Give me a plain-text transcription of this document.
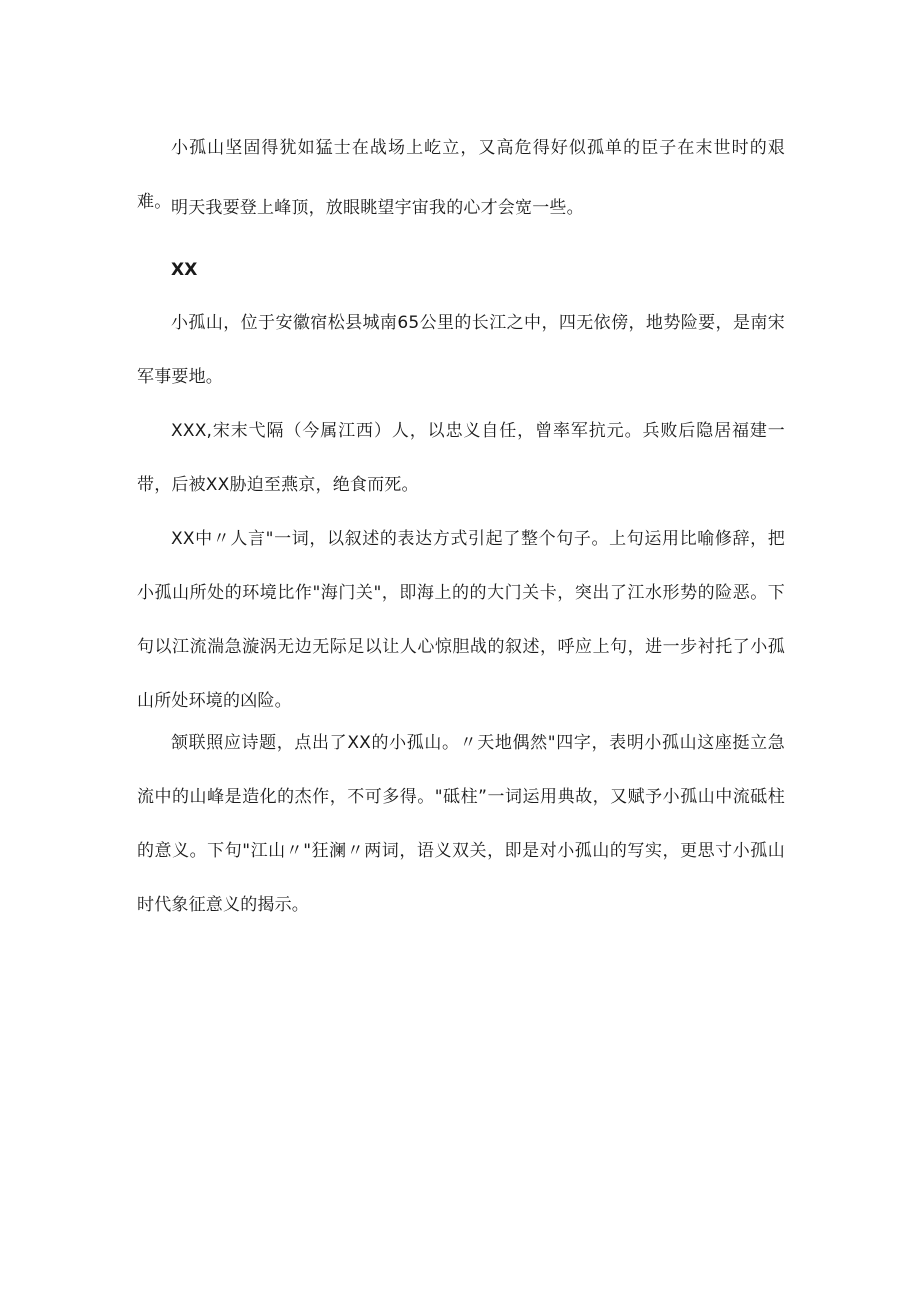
小孤山坚固得犹如猛士在战场上屹立，又高危得好似孤单的臣子在末世时的艰难。 明天我要登上峰顶，放眼眺望宇宙我的心才会宽一些。

XX

小孤山，位于安徽宿松县城南65公里的长江之中，四无依傍，地势险要，是南宋军事要地。

XXX,宋末弋隔（今属江西）人，以忠义自任，曾率军抗元。兵败后隐居福建一带，后被XX胁迫至燕京，绝食而死。

XX中〃人言"一词，以叙述的表达方式引起了整个句子。上句运用比喻修辞，把小孤山所处的环境比作"海门关"，即海上的的大门关卡，突出了江水形势的险恶。下句以江流湍急漩涡无边无际足以让人心惊胆战的叙述，呼应上句，进一步衬托了小孤山所处环境的凶险。

颔联照应诗题，点出了XX的小孤山。〃天地偶然"四字，表明小孤山这座挺立急流中的山峰是造化的杰作，不可多得。"砥柱”一词运用典故，又赋予小孤山中流砥柱的意义。下句"江山〃"狂澜〃两词，语义双关，即是对小孤山的写实，更思寸小孤山时代象征意义的揭示。
